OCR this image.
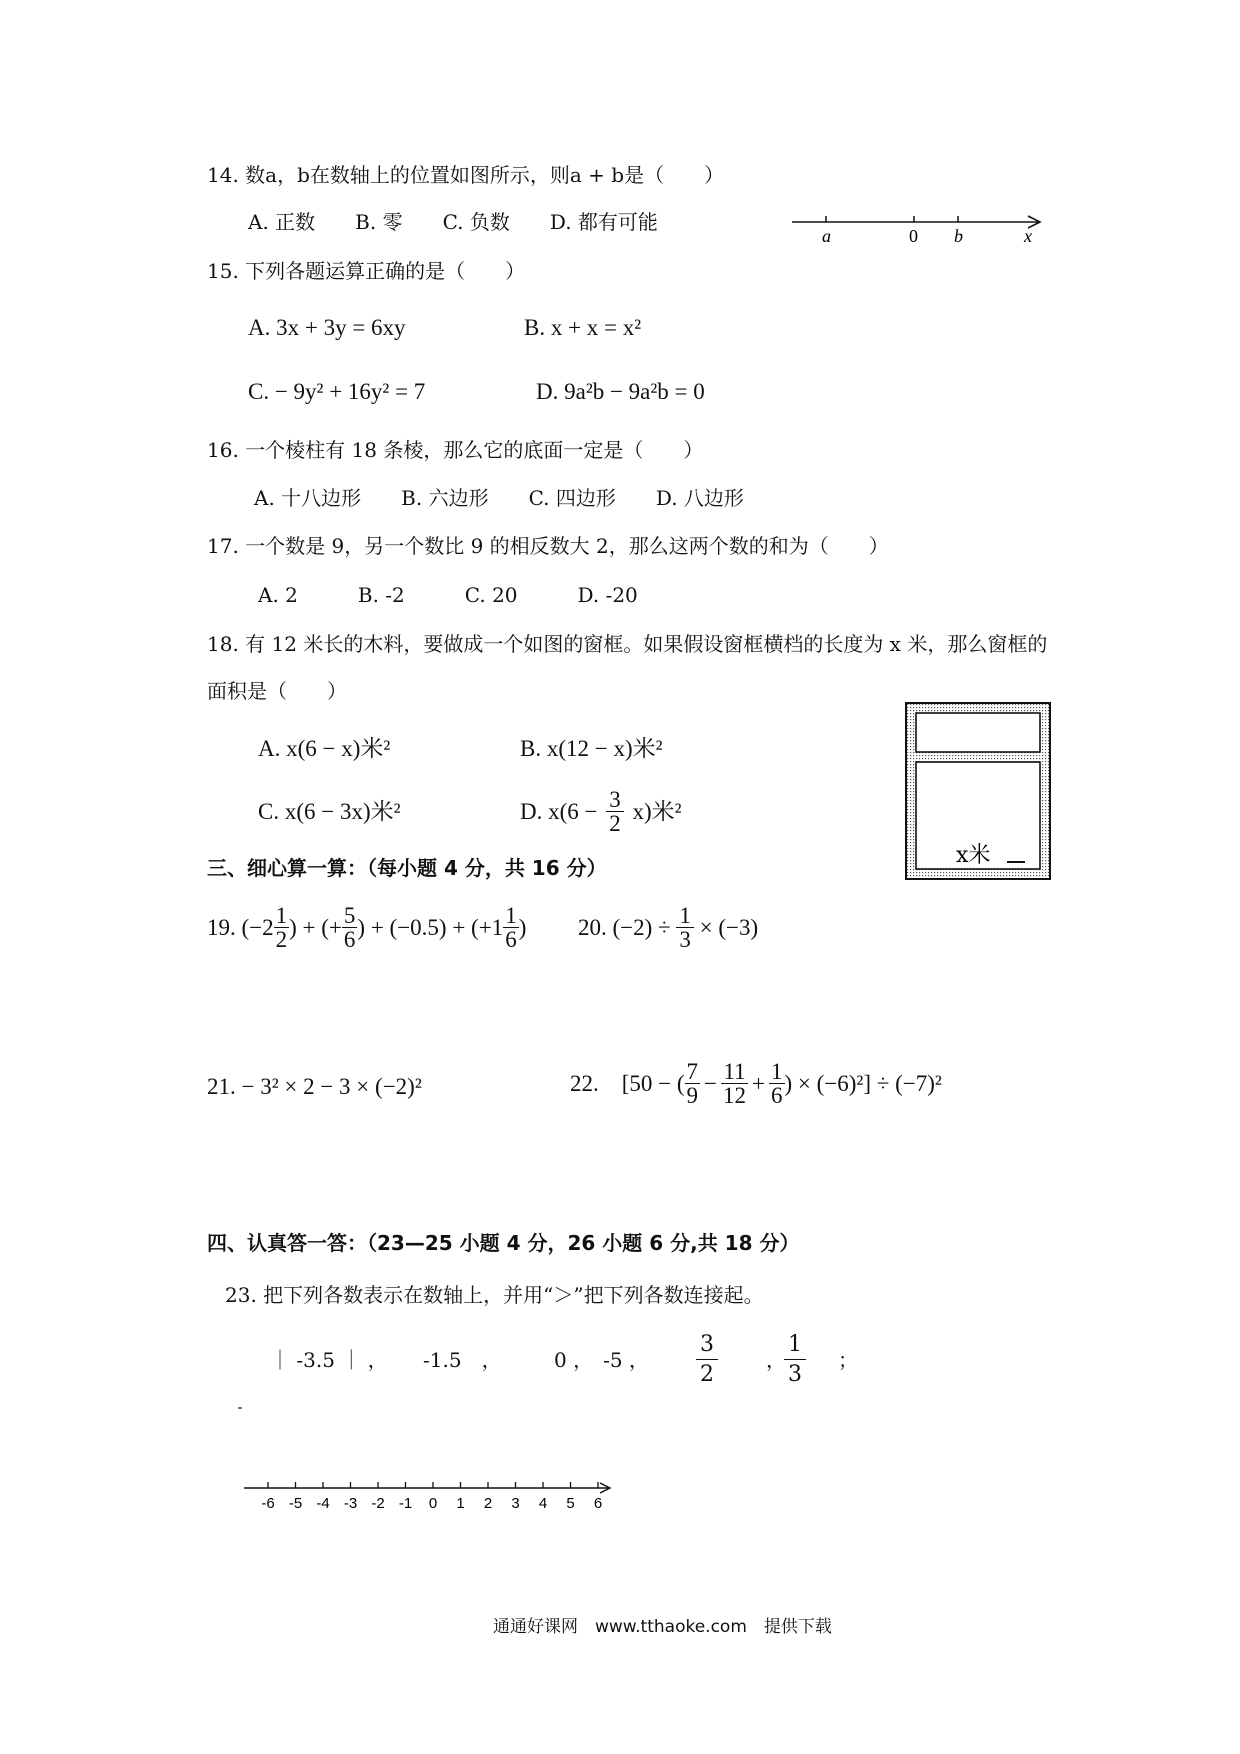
14. 数a，b在数轴上的位置如图所示，则a + b是（　　）
A. 正数　　B. 零　　C. 负数　　D. 都有可能
a	0 b	x
15. 下列各题运算正确的是（　　）
A. 3x + 3y = 6xy	B. x + x = x²
C. − 9y² + 16y² = 7	D. 9a²b − 9a²b = 0
16. 一个棱柱有 18 条棱，那么它的底面一定是（　　）
A. 十八边形　　B. 六边形　　C. 四边形　　D. 八边形
17. 一个数是 9，另一个数比 9 的相反数大 2，那么这两个数的和为（　　）
A. 2　　　B. -2　　　C. 20　　　D. -20
18. 有 12 米长的木料，要做成一个如图的窗框。如果假设窗框横档的长度为 x 米，那么窗框的
面积是（　　）
A. x(6 − x)米²	B. x(12 − x)米²
C. x(6 − 3x)米²	D. $x(6 - \frac{3}{2} x)$米²
x米
三、细心算一算：（每小题 4 分，共 16 分）
19. ($-2 \frac{1}{2}$ ) + (+ $\frac{5}{6}$ ) + $(-0.5) + (+1 \frac{1}{6}$ ) 20. $(-2) \div \frac{1}{3} \times (-3)$
21. − 3² × 2 − 3 × (−2)²	22.　[50 − ( $\frac{7}{9} - \frac{11}{12} + \frac{1}{6}$ ) × (−6)²] ÷ (−7)²
四、认真答一答：（23—25 小题 4 分，26 小题 6 分,共 18 分）
23. 把下列各数表示在数轴上，并用“＞”把下列各数连接起。
｜ -3.5 ｜ ， -1.5　，	0 ，　-5 ， $\frac{3}{2}$ ，
$\frac{1}{3}$ ；
-6 -5 -4 -3 -2 -1 0 1 2 3 4 5 6
通通好课网　www.tthaoke.com　提供下载
